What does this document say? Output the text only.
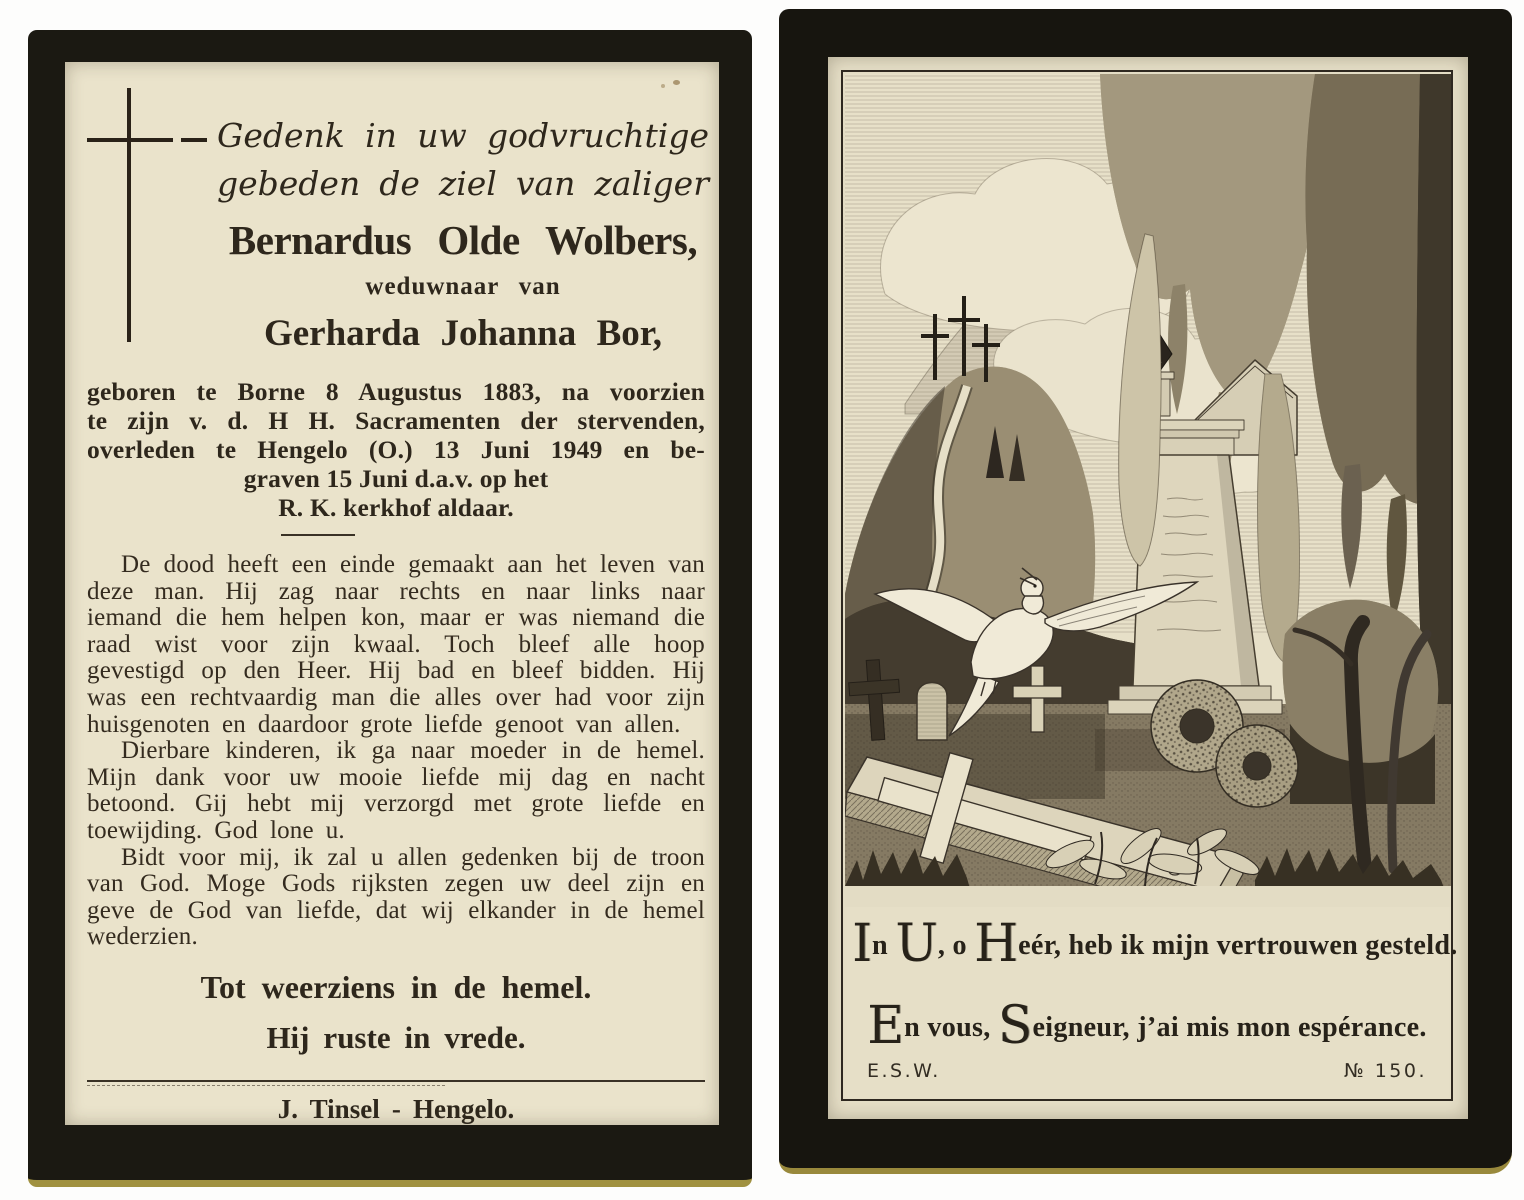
Gedenk in uw godvruchtige
gebeden de ziel van zaliger
Bernardus Olde Wolbers,
weduwnaar van
Gerharda Johanna Bor,
geboren te Borne 8 Augustus 1883, na voorzien
te zijn v. d. H H. Sacramenten der stervenden,
overleden te Hengelo (O.) 13 Juni 1949 en be-
graven 15 Juni d.a.v. op het
R. K. kerkhof aldaar.
De dood heeft een einde gemaakt aan het leven van deze man. Hij zag naar rechts en naar links naar iemand die hem helpen kon, maar er was niemand die raad wist voor zijn kwaal. Toch bleef alle hoop gevestigd op den Heer. Hij bad en bleef bidden. Hij was een rechtvaardig man die alles over had voor zijn huisgenoten en daardoor grote liefde genoot van allen.
Dierbare kinderen, ik ga naar moeder in de hemel. Mijn dank voor uw mooie liefde mij dag en nacht betoond. Gij hebt mij verzorgd met grote liefde en toewijding. God lone u.
Bidt voor mij, ik zal u allen gedenken bij de troon van God. Moge Gods rijksten zegen uw deel zijn en geve de God van liefde, dat wij elkander in de hemel wederzien.
Tot weerziens in de hemel.
Hij ruste in vrede.
J. Tinsel - Hengelo.
In U, o Heér, heb ik mijn vertrouwen gesteld.
En vous, Seigneur, j’ai mis mon espérance.
E.S.W.	№ 150.
